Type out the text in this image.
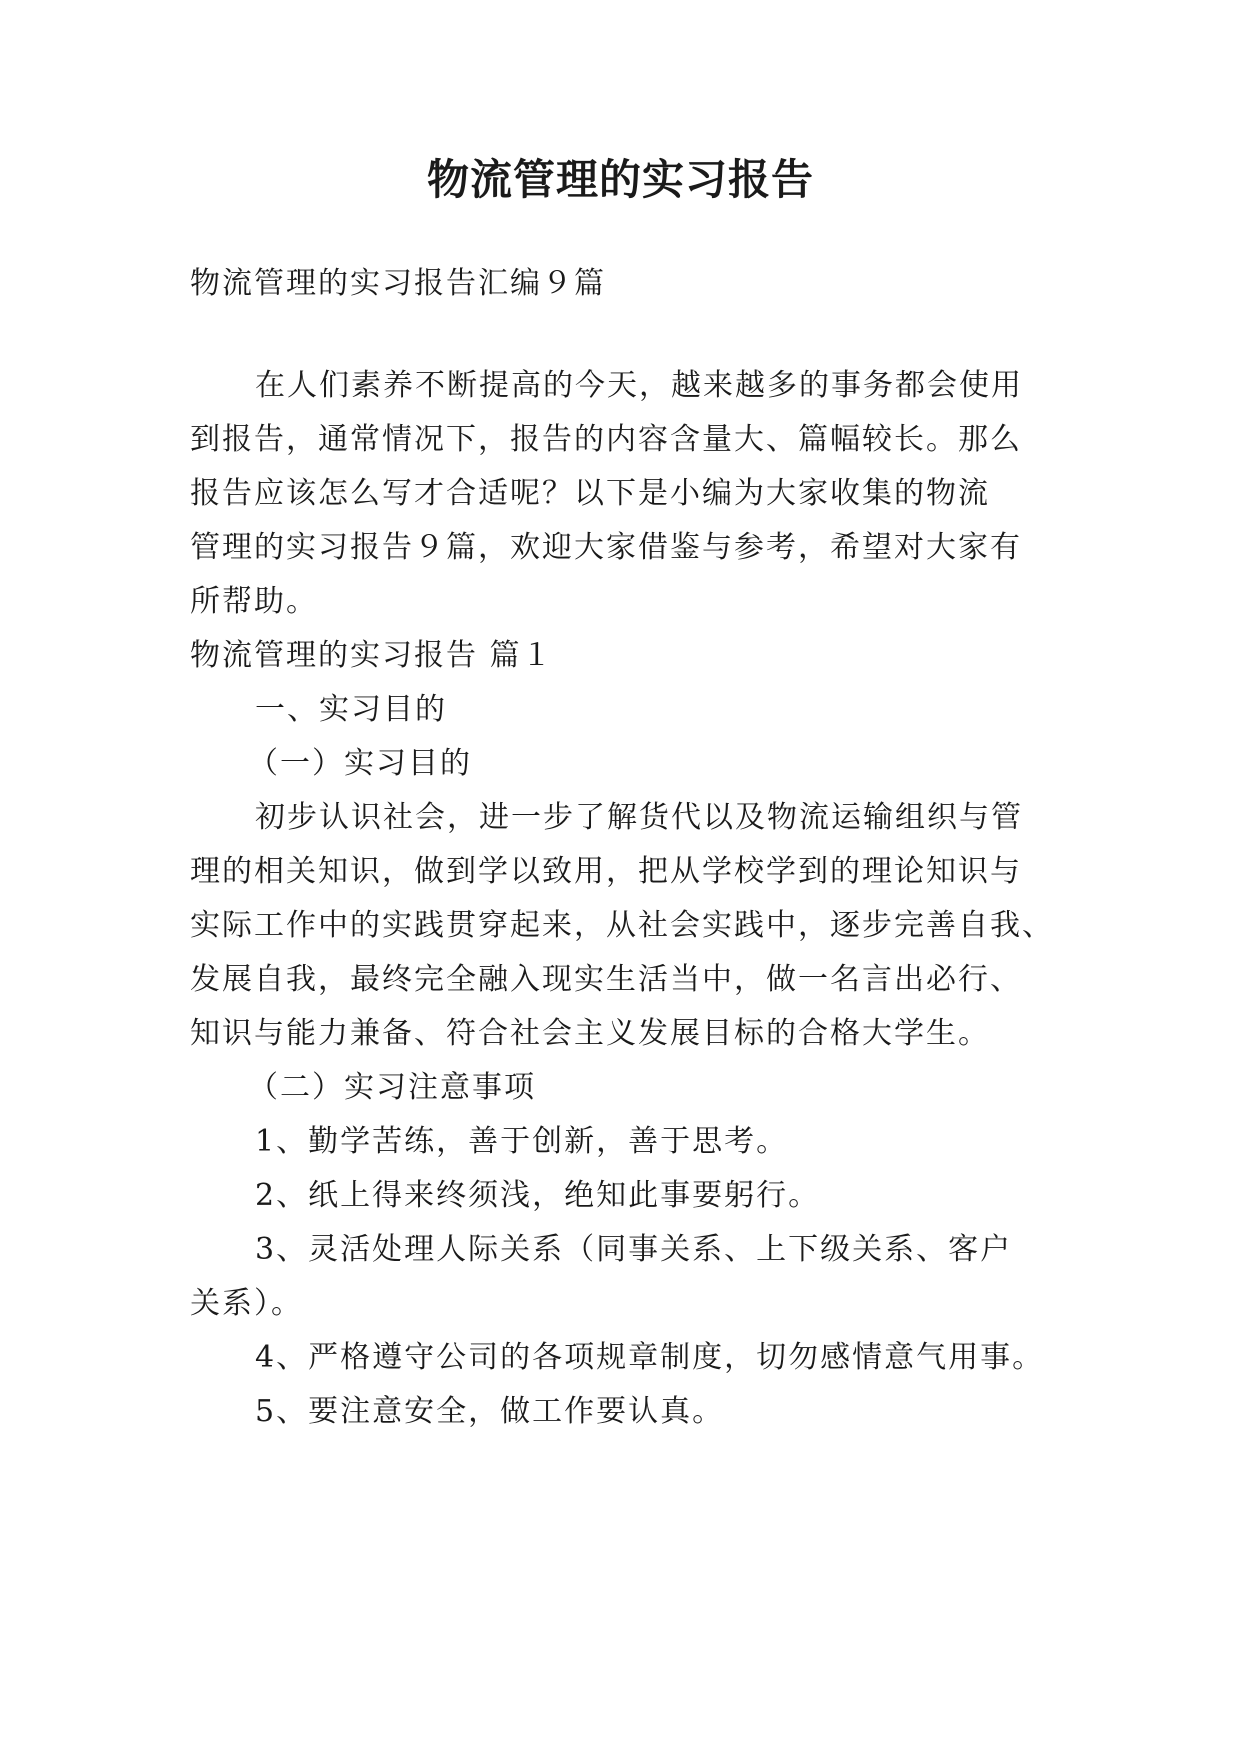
物流管理的实习报告

物流管理的实习报告汇编９篇

在人们素养不断提高的今天，越来越多的事务都会使用

到报告，通常情况下，报告的内容含量大、篇幅较长。那么

报告应该怎么写才合适呢？以下是小编为大家收集的物流

管理的实习报告９篇，欢迎大家借鉴与参考，希望对大家有

所帮助。

物流管理的实习报告 篇１

一、实习目的

（一）实习目的

初步认识社会，进一步了解货代以及物流运输组织与管

理的相关知识，做到学以致用，把从学校学到的理论知识与

实际工作中的实践贯穿起来，从社会实践中，逐步完善自我、

发展自我，最终完全融入现实生活当中，做一名言出必行、

知识与能力兼备、符合社会主义发展目标的合格大学生。

（二）实习注意事项

1、勤学苦练，善于创新，善于思考。

2、纸上得来终须浅，绝知此事要躬行。

3、灵活处理人际关系（同事关系、上下级关系、客户

关系）。

4、严格遵守公司的各项规章制度，切勿感情意气用事。

5、要注意安全，做工作要认真。
